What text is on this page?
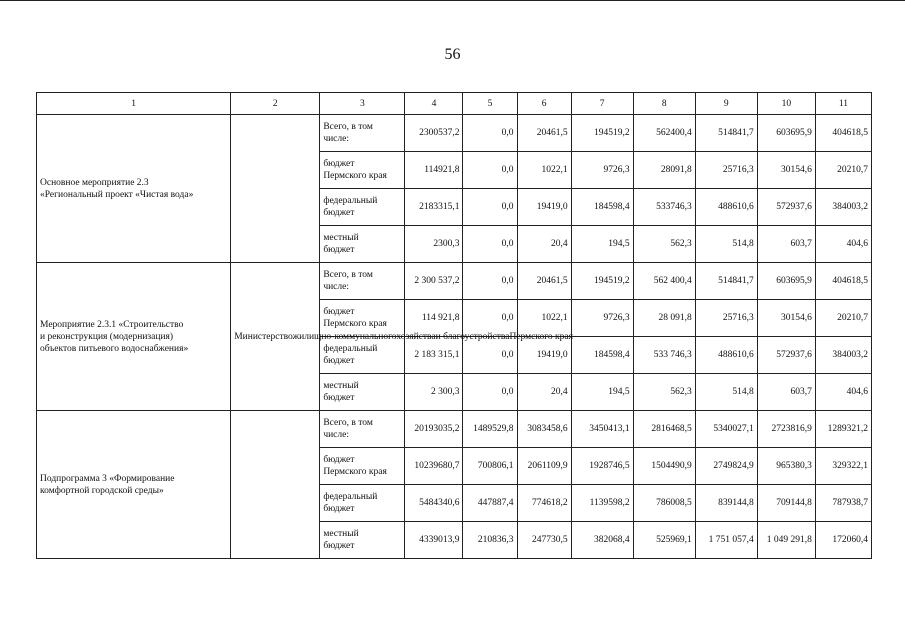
56
1	2	3	4	5	6	7	8	9	10	11

Основное мероприятие 2.3
«Региональный проект «Чистая вода»		Всего, в том
числе:	2300537,2	0,0	20461,5	194519,2	562400,4	514841,7	603695,9	404618,5

		бюджет
Пермского края	114921,8	0,0	1022,1	9726,3	28091,8	25716,3	30154,6	20210,7

		федеральный
бюджет	2183315,1	0,0	19419,0	184598,4	533746,3	488610,6	572937,6	384003,2

		местный
бюджет	2300,3	0,0	20,4	194,5	562,3	514,8	603,7	404,6

Мероприятие 2.3.1 «Строительство
и реконструкция (модернизация)
объектов питьевого водоснабжения»	Министерствожилищно-коммунальногохозяйстваи благоустройстваПермского края	Всего, в том
числе:	2 300 537,2	0,0	20461,5	194519,2	562 400,4	514841,7	603695,9	404618,5

		бюджет
Пермского края	114 921,8	0,0	1022,1	9726,3	28 091,8	25716,3	30154,6	20210,7

		федеральный
бюджет	2 183 315,1	0,0	19419,0	184598,4	533 746,3	488610,6	572937,6	384003,2

		местный
бюджет	2 300,3	0,0	20,4	194,5	562,3	514,8	603,7	404,6

Подпрограмма 3 «Формирование
комфортной городской среды»		Всего, в том
числе:	20193035,2	1489529,8	3083458,6	3450413,1	2816468,5	5340027,1	2723816,9	1289321,2

		бюджет
Пермского края	10239680,7	700806,1	2061109,9	1928746,5	1504490,9	2749824,9	965380,3	329322,1

		федеральный
бюджет	5484340,6	447887,4	774618,2	1139598,2	786008,5	839144,8	709144,8	787938,7

		местный
бюджет	4339013,9	210836,3	247730,5	382068,4	525969,1	1 751 057,4	1 049 291,8	172060,4
